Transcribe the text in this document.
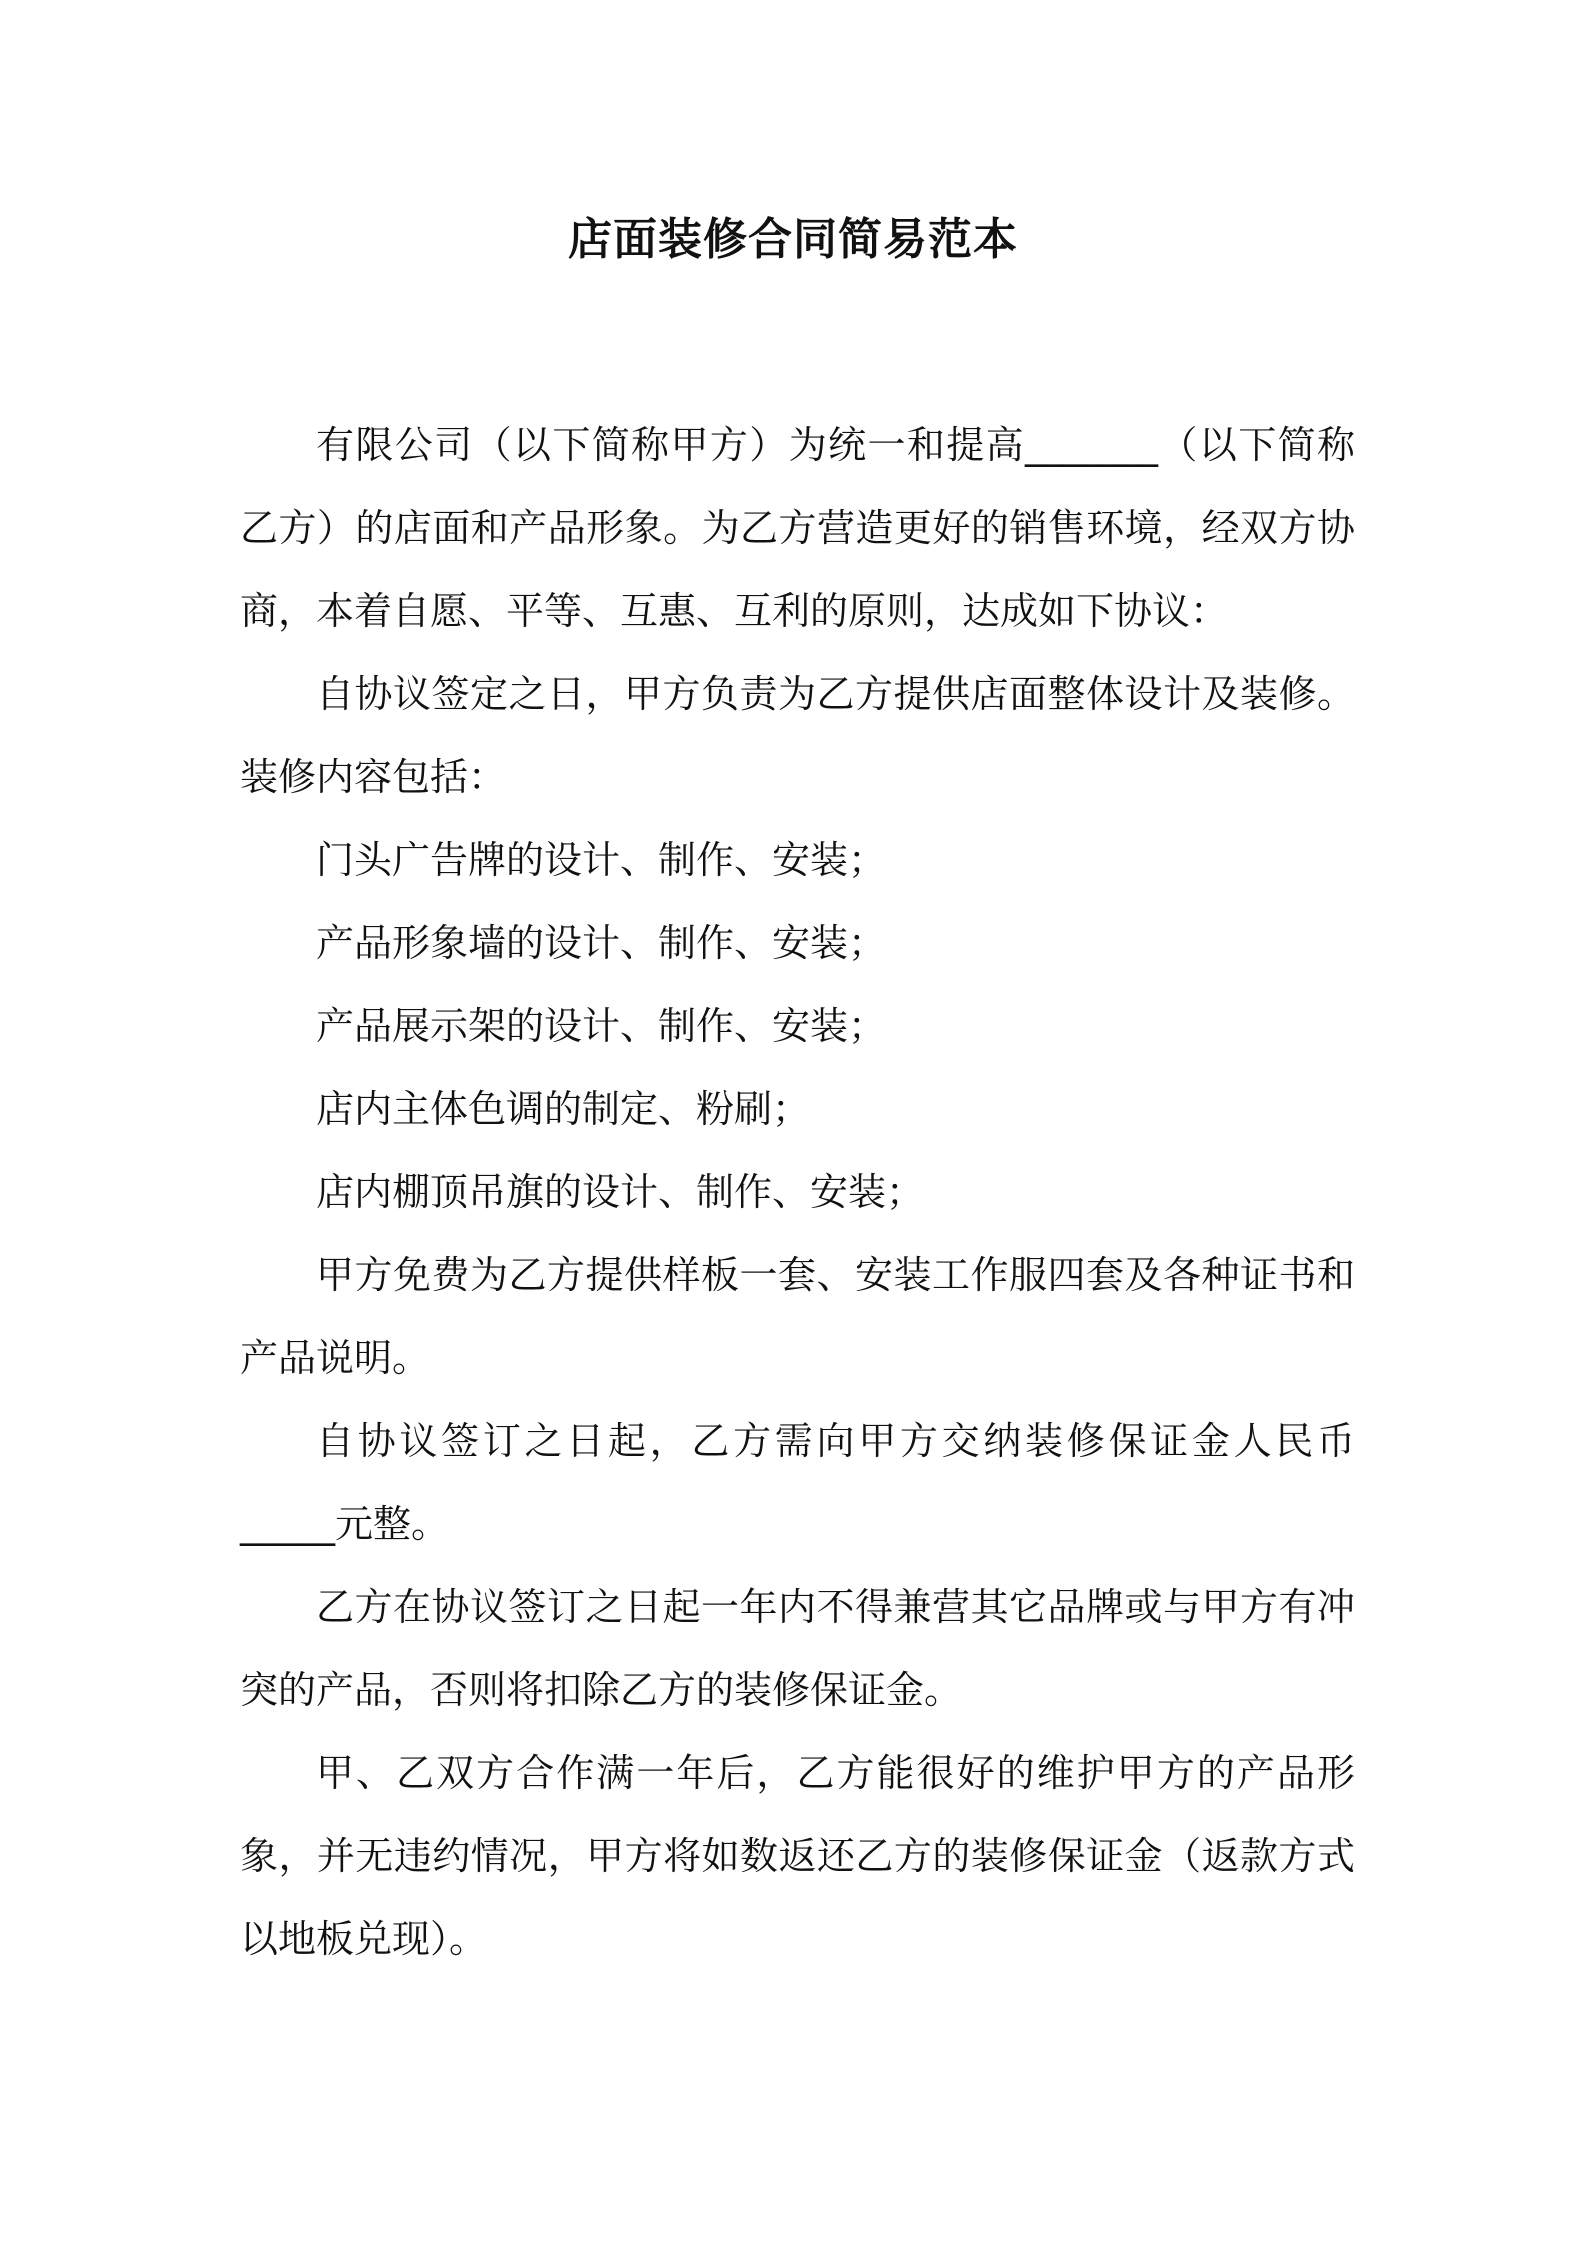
店面装修合同简易范本

有限公司（以下简称甲方）为统一和提高_______（以下简称乙方）的店面和产品形象。为乙方营造更好的销售环境，经双方协商，本着自愿、平等、互惠、互利的原则，达成如下协议：

自协议签定之日，甲方负责为乙方提供店面整体设计及装修。装修内容包括：

门头广告牌的设计、制作、安装；

产品形象墙的设计、制作、安装；

产品展示架的设计、制作、安装；

店内主体色调的制定、粉刷；

店内棚顶吊旗的设计、制作、安装；

甲方免费为乙方提供样板一套、安装工作服四套及各种证书和产品说明。

自协议签订之日起，乙方需向甲方交纳装修保证金人民币_____元整。

乙方在协议签订之日起一年内不得兼营其它品牌或与甲方有冲突的产品，否则将扣除乙方的装修保证金。

甲、乙双方合作满一年后，乙方能很好的维护甲方的产品形象，并无违约情况，甲方将如数返还乙方的装修保证金（返款方式以地板兑现）。
